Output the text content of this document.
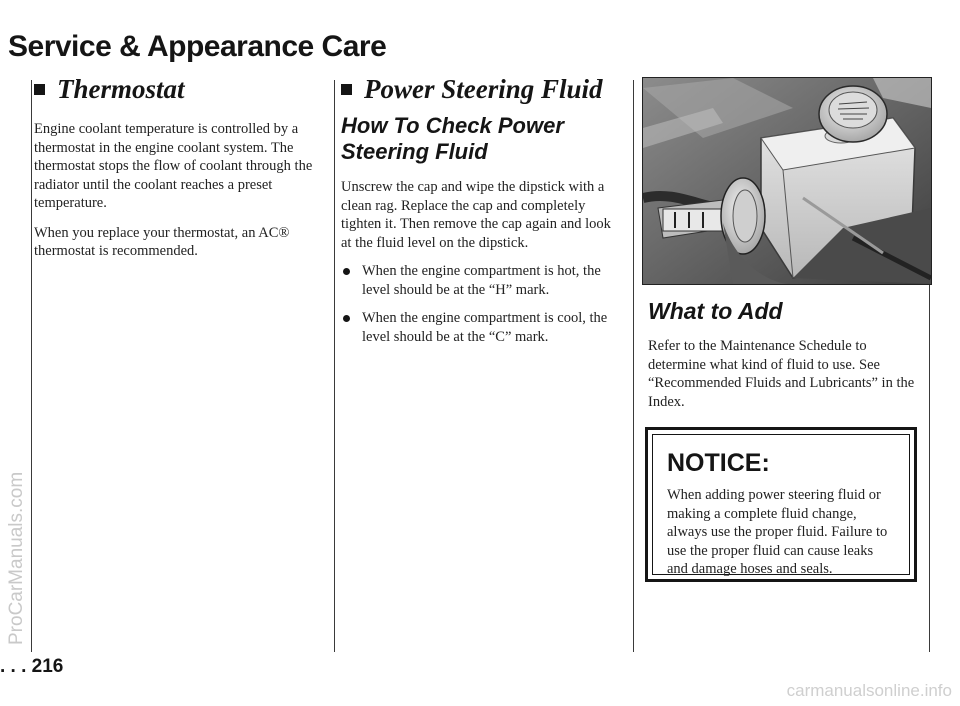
Service & Appearance Care
Thermostat

Engine coolant temperature is controlled by a thermostat in the engine coolant system. The thermostat stops the flow of coolant through the radiator until the coolant reaches a preset temperature.

When you replace your thermostat, an AC® thermostat is recommended.

Power Steering Fluid
How To Check Power Steering Fluid

Unscrew the cap and wipe the dipstick with a clean rag. Replace the cap and completely tighten it. Then remove the cap again and look at the fluid level on the dipstick.

When the engine compartment is hot, the level should be at the “H” mark.
When the engine compartment is cool, the level should be at the “C” mark.
What to Add

Refer to the Maintenance Schedule to determine what kind of fluid to use. See “Recommended Fluids and Lubricants” in the Index.

NOTICE:

When adding power steering fluid or making a complete fluid change, always use the proper fluid. Failure to use the proper fluid can cause leaks and damage hoses and seals.

. . . 216
ProCarManuals.com
carmanualsonline.info
